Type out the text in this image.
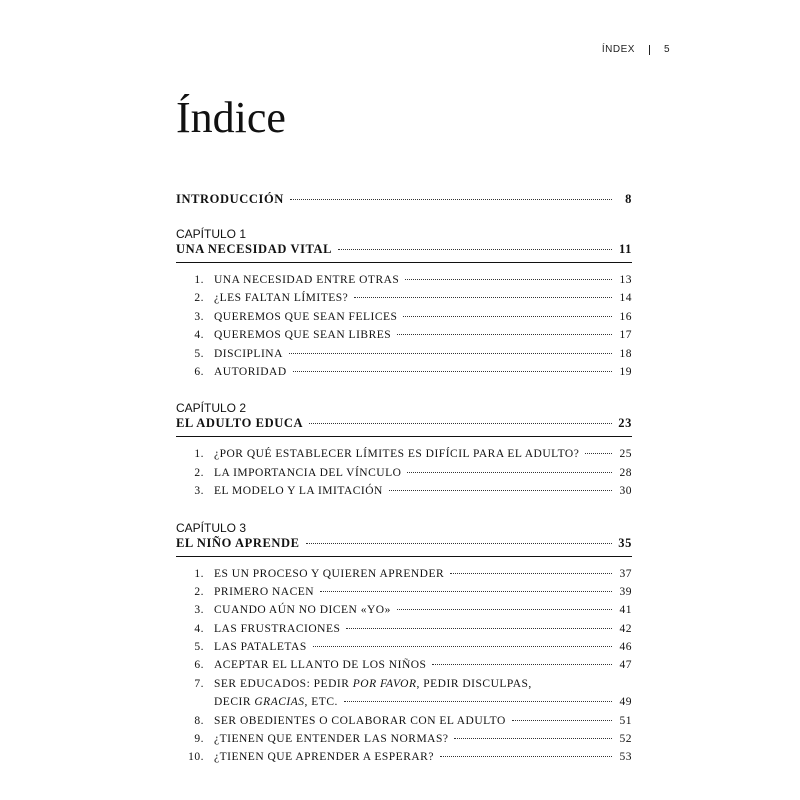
ÍNDEX	5
Índice
INTRODUCCIÓN	8
CAPÍTULO 1
UNA NECESIDAD VITAL	11
1. UNA NECESIDAD ENTRE OTRAS	13
2. ¿LES FALTAN LÍMITES?	14
3. QUEREMOS QUE SEAN FELICES	16
4. QUEREMOS QUE SEAN LIBRES	17
5. DISCIPLINA	18
6. AUTORIDAD	19
CAPÍTULO 2
EL ADULTO EDUCA	23
1. ¿POR QUÉ ESTABLECER LÍMITES ES DIFÍCIL PARA EL ADULTO?	25
2. LA IMPORTANCIA DEL VÍNCULO	28
3. EL MODELO Y LA IMITACIÓN	30
CAPÍTULO 3
EL NIÑO APRENDE	35
1. ES UN PROCESO Y QUIEREN APRENDER	37
2. PRIMERO NACEN	39
3. CUANDO AÚN NO DICEN «YO»	41
4. LAS FRUSTRACIONES	42
5. LAS PATALETAS	46
6. ACEPTAR EL LLANTO DE LOS NIÑOS	47
7. SER EDUCADOS: PEDIR POR FAVOR, PEDIR DISCULPAS,
DECIR GRACIAS, ETC.	49
8. SER OBEDIENTES O COLABORAR CON EL ADULTO	51
9. ¿TIENEN QUE ENTENDER LAS NORMAS?	52
10. ¿TIENEN QUE APRENDER A ESPERAR?	53
